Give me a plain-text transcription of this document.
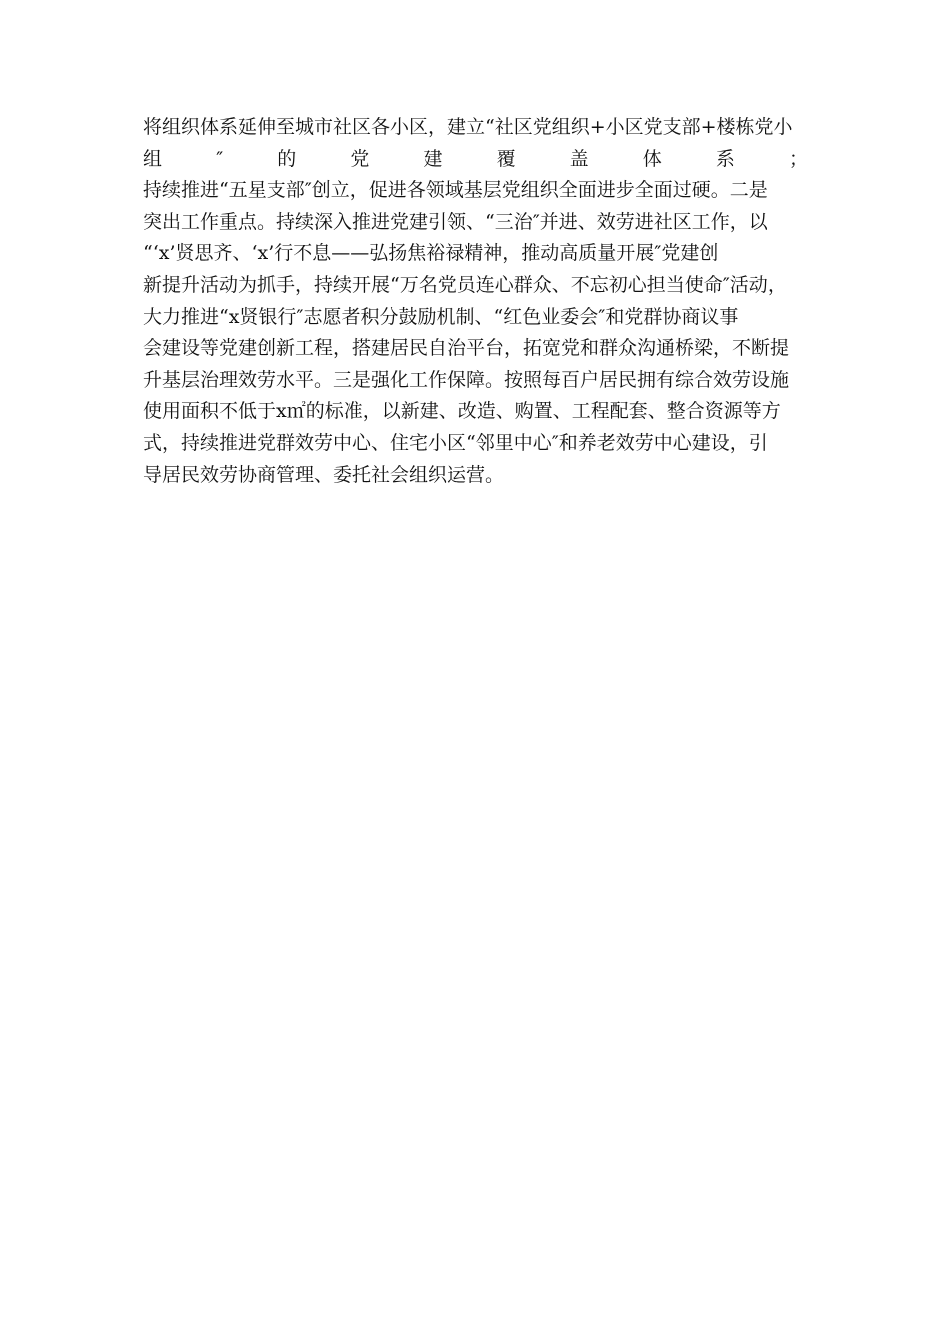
将组织体系延伸至城市社区各小区，建立“社区党组织+小区党支部+楼栋党小
组	″	的	党	建	覆	盖	体	系	；
持续推进“五星支部″创立，促进各领域基层党组织全面进步全面过硬。二是
突出工作重点。持续深入推进党建引领、“三治″并进、效劳进社区工作，以
“‘x’贤思齐、‘x’行不息——弘扬焦裕禄精神，推动高质量开展″党建创
新提升活动为抓手，持续开展“万名党员连心群众、不忘初心担当使命″活动，
大力推进“x贤银行″志愿者积分鼓励机制、“红色业委会″和党群协商议事
会建设等党建创新工程，搭建居民自治平台，拓宽党和群众沟通桥梁，不断提
升基层治理效劳水平。三是强化工作保障。按照每百户居民拥有综合效劳设施
使用面积不低于x㎡的标准，以新建、改造、购置、工程配套、整合资源等方
式，持续推进党群效劳中心、住宅小区“邻里中心″和养老效劳中心建设，引
导居民效劳协商管理、委托社会组织运营。
